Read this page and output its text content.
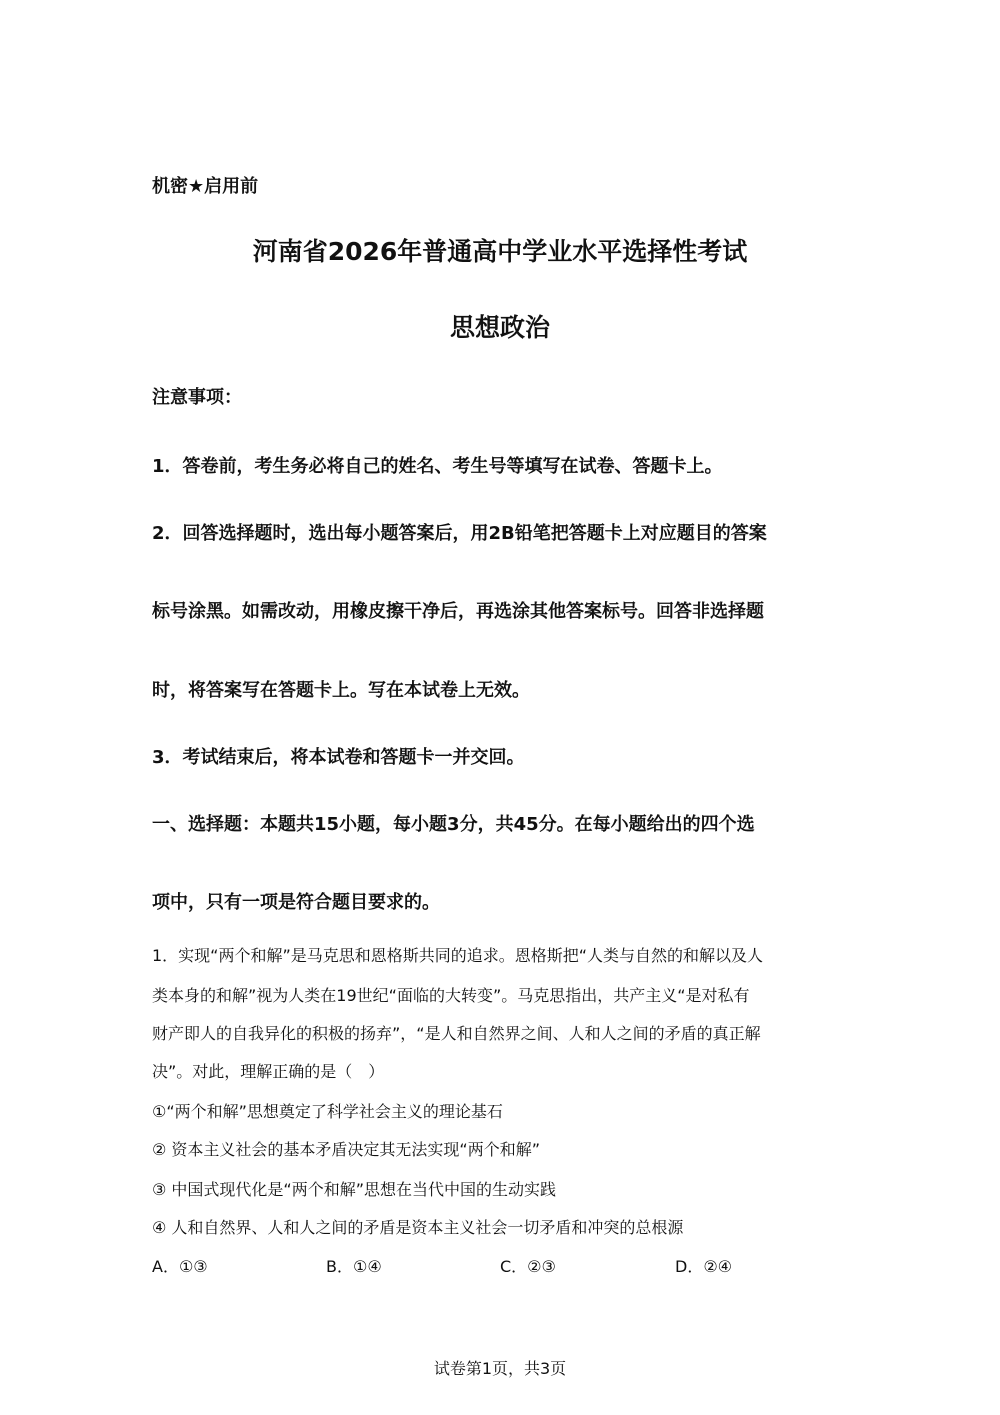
机密★启用前
河南省2026年普通高中学业水平选择性考试
思想政治
注意事项：
1．答卷前，考生务必将自己的姓名、考生号等填写在试卷、答题卡上。
2．回答选择题时，选出每小题答案后，用2B铅笔把答题卡上对应题目的答案
标号涂黑。如需改动，用橡皮擦干净后，再选涂其他答案标号。回答非选择题
时，将答案写在答题卡上。写在本试卷上无效。
3．考试结束后，将本试卷和答题卡一并交回。
一、选择题：本题共15小题，每小题3分，共45分。在每小题给出的四个选
项中，只有一项是符合题目要求的。
1．实现“两个和解”是马克思和恩格斯共同的追求。恩格斯把“人类与自然的和解以及人
类本身的和解”视为人类在19世纪“面临的大转变”。马克思指出，共产主义“是对私有
财产即人的自我异化的积极的扬弃”，“是人和自然界之间、人和人之间的矛盾的真正解
决”。对此，理解正确的是（　）
①“两个和解”思想奠定了科学社会主义的理论基石
② 资本主义社会的基本矛盾决定其无法实现“两个和解”
③ 中国式现代化是“两个和解”思想在当代中国的生动实践
④ 人和自然界、人和人之间的矛盾是资本主义社会一切矛盾和冲突的总根源
A．①③	B．①④	C．②③	D．②④
试卷第1页，共3页
